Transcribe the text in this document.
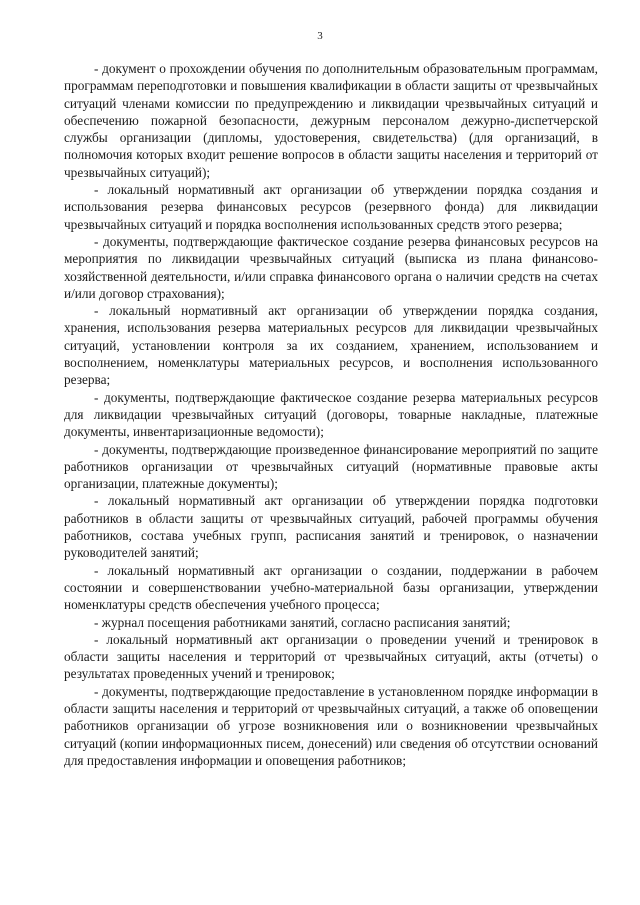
3

- документ о прохождении обучения по дополнительным образовательным программам, программам переподготовки и повышения квалификации в области защиты от чрезвычайных ситуаций членами комиссии по предупреждению и ликвидации чрезвычайных ситуаций и обеспечению пожарной безопасности, дежурным персоналом дежурно-диспетчерской службы организации (дипломы, удостоверения, свидетельства) (для организаций, в полномочия которых входит решение вопросов в области защиты населения и территорий от чрезвычайных ситуаций);

- локальный нормативный акт организации об утверждении порядка создания и использования резерва финансовых ресурсов (резервного фонда) для ликвидации чрезвычайных ситуаций и порядка восполнения использованных средств этого резерва;

- документы, подтверждающие фактическое создание резерва финансовых ресурсов на мероприятия по ликвидации чрезвычайных ситуаций (выписка из плана финансово-хозяйственной деятельности, и/или справка финансового органа о наличии средств на счетах и/или договор страхования);

- локальный нормативный акт организации об утверждении порядка создания, хранения, использования резерва материальных ресурсов для ликвидации чрезвычайных ситуаций, установлении контроля за их созданием, хранением, использованием и восполнением, номенклатуры материальных ресурсов, и восполнения использованного резерва;

- документы, подтверждающие фактическое создание резерва материальных ресурсов для ликвидации чрезвычайных ситуаций (договоры, товарные накладные, платежные документы, инвентаризационные ведомости);

- документы, подтверждающие произведенное финансирование мероприятий по защите работников организации от чрезвычайных ситуаций (нормативные правовые акты организации, платежные документы);

- локальный нормативный акт организации об утверждении порядка подготовки работников в области защиты от чрезвычайных ситуаций, рабочей программы обучения работников, состава учебных групп, расписания занятий и тренировок, о назначении руководителей занятий;

- локальный нормативный акт организации о создании, поддержании в рабочем состоянии и совершенствовании учебно-материальной базы организации, утверждении номенклатуры средств обеспечения учебного процесса;

- журнал посещения работниками занятий, согласно расписания занятий;

- локальный нормативный акт организации о проведении учений и тренировок в области защиты населения и территорий от чрезвычайных ситуаций, акты (отчеты) о результатах проведенных учений и тренировок;

- документы, подтверждающие предоставление в установленном порядке информации в области защиты населения и территорий от чрезвычайных ситуаций, а также об оповещении работников организации об угрозе возникновения или о возникновении чрезвычайных ситуаций (копии информационных писем, донесений) или сведения об отсутствии оснований для предоставления информации и оповещения работников;
